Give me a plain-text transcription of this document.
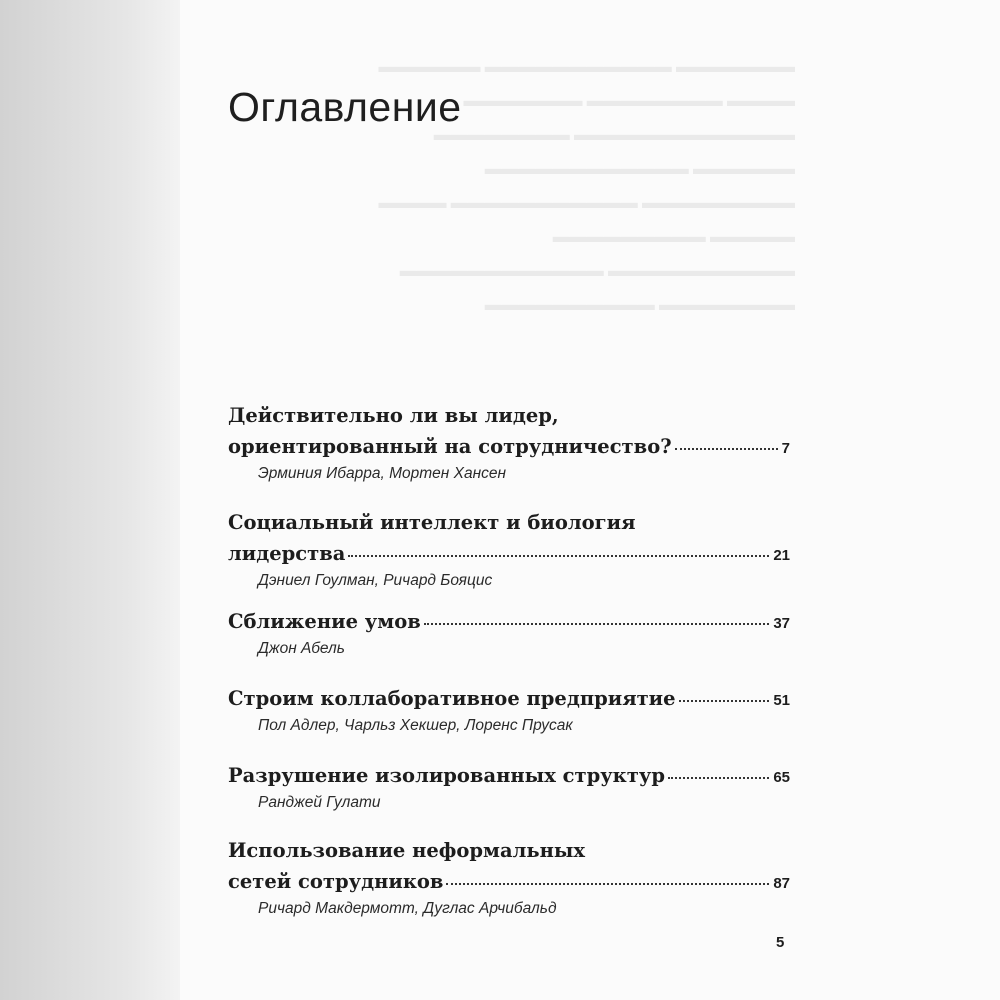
▬▬▬▬▬▬▬ ▬▬▬▬▬▬▬▬▬▬▬ ▬▬▬▬▬▬
▬▬▬▬ ▬▬▬▬▬▬▬▬ ▬▬▬▬▬▬▬
▬▬▬▬▬▬▬▬▬▬▬▬▬ ▬▬▬▬▬▬▬▬
▬▬▬▬▬▬ ▬▬▬▬▬▬▬▬▬▬▬▬
▬▬▬▬▬▬▬▬▬ ▬▬▬▬▬▬▬▬▬▬▬ ▬▬▬▬
▬▬▬▬▬ ▬▬▬▬▬▬▬▬▬
▬▬▬▬▬▬▬▬▬▬▬ ▬▬▬▬▬▬▬▬▬▬▬▬
▬▬▬▬▬▬▬▬ ▬▬▬▬▬▬▬▬▬▬
Оглавление
Действительно ли вы лидер,
ориентированный на сотрудничество?	7
Эрминия Ибарра, Мортен Хансен
Социальный интеллект и биология
лидерства	21
Дэниел Гоулман, Ричард Бояцис
Сближение умов	37
Джон Абель
Строим коллаборативное предприятие	51
Пол Адлер, Чарльз Хекшер, Лоренс Прусак
Разрушение изолированных структур	65
Ранджей Гулати
Использование неформальных
сетей сотрудников	87
Ричард Макдермотт, Дуглас Арчибальд
5
